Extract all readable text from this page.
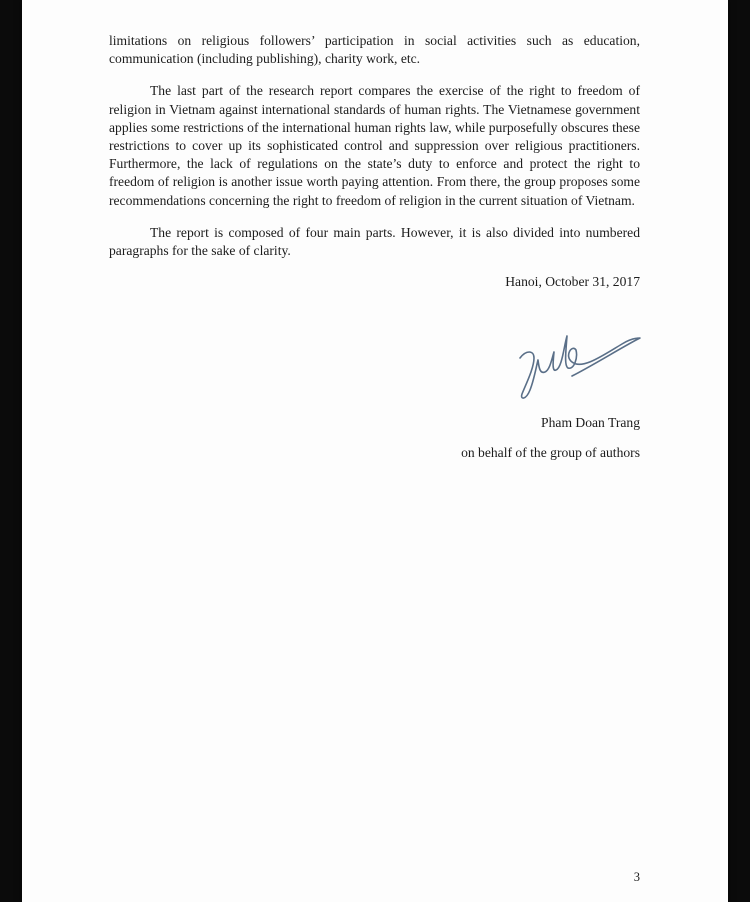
limitations on religious followers’ participation in social activities such as education, communication (including publishing), charity work, etc.

The last part of the research report compares the exercise of the right to freedom of religion in Vietnam against international standards of human rights. The Vietnamese government applies some restrictions of the international human rights law, while purposefully obscures these restrictions to cover up its sophisticated control and suppression over religious practitioners. Furthermore, the lack of regulations on the state’s duty to enforce and protect the right to freedom of religion is another issue worth paying attention. From there, the group proposes some recommendations concerning the right to freedom of religion in the current situation of Vietnam.

The report is composed of four main parts. However, it is also divided into numbered paragraphs for the sake of clarity.

Hanoi, October 31, 2017
Pham Doan Trang
on behalf of the group of authors
3
